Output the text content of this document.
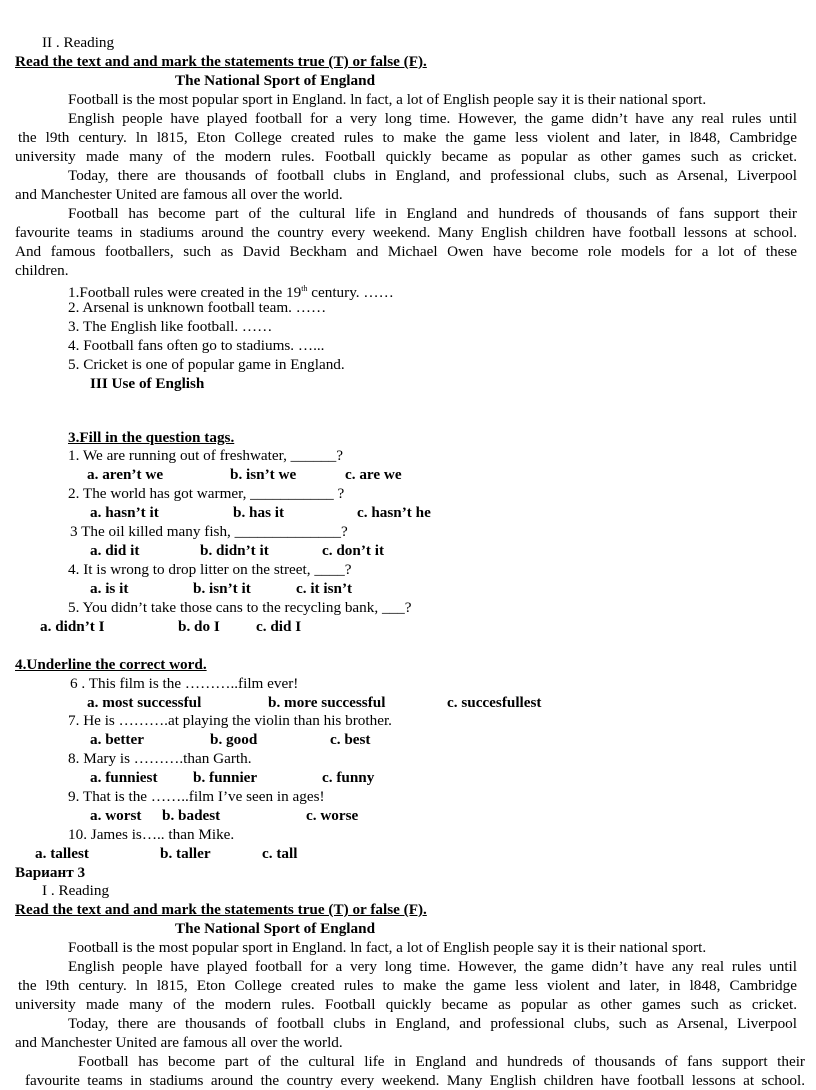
II . Reading
Read the text and and mark the statements true (T) or false (F).
The National Sport of England
Football is the most popular sport in England. ln fact, a lot of English people say it is their national sport.
English people have played football for a very long time. However, the game didn’t have any real rules until
the l9th century. ln l815, Eton College created rules to make the game less violent and later, in l848, Cambridge
university made many of the modern rules. Football quickly became as popular as other games such as cricket.
Today, there are thousands of football clubs in England, and professional clubs, such as Arsenal, Liverpool
and Manchester United are famous all over the world.
Football has become part of the cultural life in England and hundreds of thousands of fans support their
favourite teams in stadiums around the country every weekend. Many English children have football lessons at school.
And famous footballers, such as David Beckham and Michael Owen have become role models for a lot of these
children.
1.Football rules were created in the 19th century. ……
2. Arsenal is unknown football team. ……
3. The English like football. ……
4. Football fans often go to stadiums. …...
5. Cricket is one of popular game in England.
III Use of English
3.Fill in the question tags.
1. We are running out of freshwater, ______?
a. aren’t we	b. isn’t we	c. are we
2. The world has got warmer, ___________ ?
a. hasn’t it	b. has it	c. hasn’t he
3 The oil killed many fish, ______________?
a. did it	b. didn’t it	c. don’t it
4. It is wrong to drop litter on the street, ____?
a. is it	b. isn’t it	c. it isn’t
5. You didn’t take those cans to the recycling bank, ___?
a. didn’t I	b. do I c. did I
4.Underline the correct word.
6 . This film is the ………..film ever!
a. most successful	b. more successful	c. succesfullest
7. He is ……….at playing the violin than his brother.
a. better	b. good	c. best
8. Mary is ……….than Garth.
a. funniest b. funnier	c. funny
9. That is the ……..film I’ve seen in ages!
a. worst b. badest	c. worse
10. James is….. than Mike.
a. tallest	b. taller	c. tall
Вариант 3
I . Reading
Read the text and and mark the statements true (T) or false (F).
The National Sport of England
Football is the most popular sport in England. ln fact, a lot of English people say it is their national sport.
English people have played football for a very long time. However, the game didn’t have any real rules until
the l9th century. ln l815, Eton College created rules to make the game less violent and later, in l848, Cambridge
university made many of the modern rules. Football quickly became as popular as other games such as cricket.
Today, there are thousands of football clubs in England, and professional clubs, such as Arsenal, Liverpool
and Manchester United are famous all over the world.
Football has become part of the cultural life in England and hundreds of thousands of fans support their
favourite teams in stadiums around the country every weekend. Many English children have football lessons at school.
